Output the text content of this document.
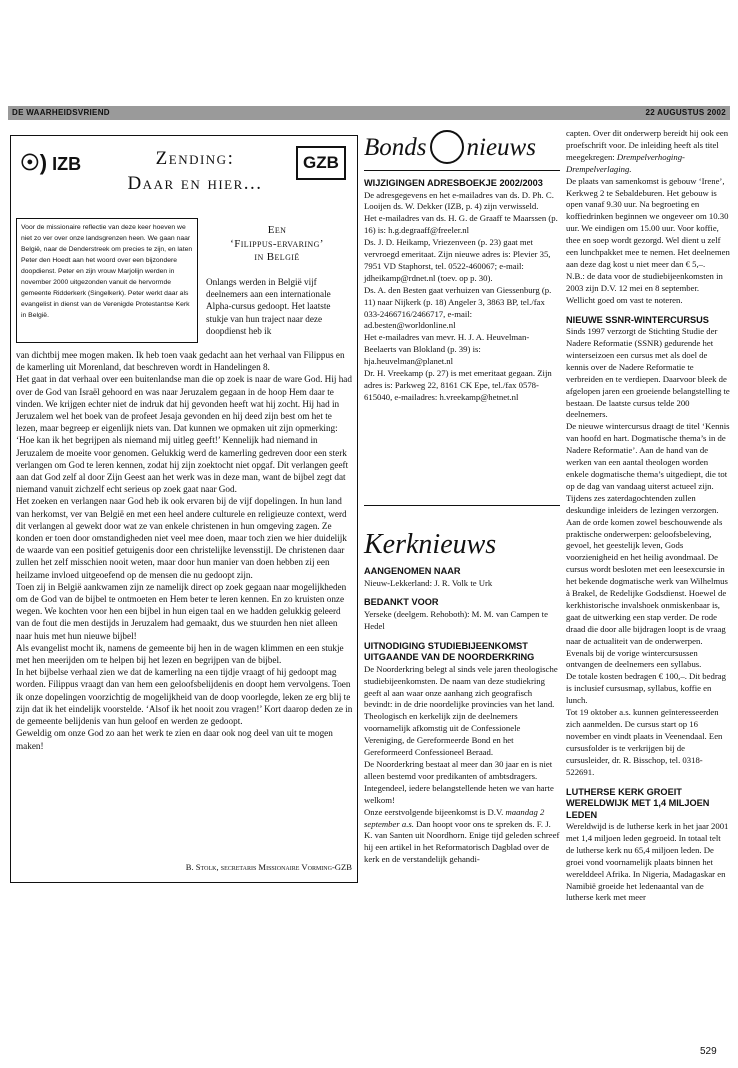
DE WAARHEIDSVRIEND	22 AUGUSTUS 2002
☉) IZB	Zending:
Daar en hier...
GZB
Voor de missionaire reflectie van deze keer hoeven we niet zo ver over onze landsgrenzen heen. We gaan naar België, naar de Denderstreek om precies te zijn, en laten Peter den Hoedt aan het woord over een bijzondere doopdienst. Peter en zijn vrouw Marjolijn werden in november 2000 uitgezonden vanuit de hervormde gemeente Ridderkerk (Singelkerk). Peter werkt daar als evangelist in dienst van de Verenigde Protestantse Kerk in België.
Een
‘Filippus-ervaring’
in België
Onlangs werden in België vijf deelnemers aan een internationale Alpha-cursus gedoopt. Het laatste stukje van hun traject naar deze doopdienst heb ik

van dichtbij mee mogen maken. Ik heb toen vaak gedacht aan het verhaal van Filippus en de kamerling uit Morenland, dat beschreven wordt in Handelingen 8.

Het gaat in dat verhaal over een buitenlandse man die op zoek is naar de ware God. Hij had over de God van Israël gehoord en was naar Jeruzalem gegaan in de hoop Hem daar te vinden. We krijgen echter niet de indruk dat hij gevonden heeft wat hij zocht. Hij had in Jeruzalem wel het boek van de profeet Jesaja gevonden en hij deed zijn best om het te lezen, maar begreep er eigenlijk niets van. Dat kunnen we opmaken uit zijn opmerking: ‘Hoe kan ik het begrijpen als niemand mij uitleg geeft!’ Kennelijk had niemand in Jeruzalem de moeite voor genomen. Gelukkig werd de kamerling gedreven door een sterk verlangen om God te leren kennen, zodat hij zijn zoektocht niet opgaf. Dit verlangen geeft aan dat God zelf al door Zijn Geest aan het werk was in deze man, want de bijbel zegt dat niemand vanuit zichzelf echt serieus op zoek gaat naar God.

Het zoeken en verlangen naar God heb ik ook ervaren bij de vijf dopelingen. In hun land van herkomst, ver van België en met een heel andere culturele en religieuze context, werd dit verlangen al gewekt door wat ze van enkele christenen in hun omgeving zagen. Ze konden er toen door omstandigheden niet veel mee doen, maar toch zien we hier duidelijk de waarde van een positief getuigenis door een christelijke levensstijl. De christenen daar zullen het zelf misschien nooit weten, maar door hun manier van doen hebben zij een heilzame invloed uitgeoefend op de mensen die nu gedoopt zijn.

Toen zij in België aankwamen zijn ze namelijk direct op zoek gegaan naar mogelijkheden om de God van de bijbel te ontmoeten en Hem beter te leren kennen. En zo kruisten onze wegen. We kochten voor hen een bijbel in hun eigen taal en we hadden gelukkig geleerd van de fout die men destijds in Jeruzalem had gemaakt, dus we stuurden hen niet alleen naar huis met hun nieuwe bijbel!

Als evangelist mocht ik, namens de gemeente bij hen in de wagen klimmen en een stukje met hen meerijden om te helpen bij het lezen en begrijpen van de bijbel.

In het bijbelse verhaal zien we dat de kamerling na een tijdje vraagt of hij gedoopt mag worden. Filippus vraagt dan van hem een geloofsbelijdenis en doopt hem vervolgens. Toen ik onze dopelingen voorzichtig de mogelijkheid van de doop voorlegde, leken ze erg blij te zijn dat ik het eindelijk voorstelde. ‘Alsof ik het nooit zou vragen!’ Kort daarop deden ze in de gemeente belijdenis van hun geloof en werden ze gedoopt.

Geweldig om onze God zo aan het werk te zien en daar ook nog deel van uit te mogen maken!

B. Stolk, secretaris Missionaire Vorming-GZB
Bonds nieuws

WIJZIGINGEN ADRESBOEKJE 2002/2003

De adresgegevens en het e-mailadres van ds. D. Ph. C. Looijen ds. W. Dekker (IZB, p. 4) zijn verwisseld.

Het e-mailadres van ds. H. G. de Graaff te Maarssen (p. 16) is: h.g.degraaff@freeler.nl

Ds. J. D. Heikamp, Vriezenveen (p. 23) gaat met vervroegd emeritaat. Zijn nieuwe adres is: Plevier 35, 7951 VD Staphorst, tel. 0522-460067; e-mail: jdheikamp@rdnet.nl (toev. op p. 30).

Ds. A. den Besten gaat verhuizen van Giessenburg (p. 11) naar Nijkerk (p. 18) Angeler 3, 3863 BP, tel./fax 033-2466716/2466717, e-mail: ad.besten@worldonline.nl

Het e-mailadres van mevr. H. J. A. Heuvelman-Beelaerts van Blokland (p. 39) is: hja.heuvelman@planet.nl

Dr. H. Vreekamp (p. 27) is met emeritaat gegaan. Zijn adres is: Parkweg 22, 8161 CK Epe, tel./fax 0578-615040, e-mailadres: h.vreekamp@hetnet.nl

Kerknieuws

AANGENOMEN NAAR

Nieuw-Lekkerland: J. R. Volk te Urk

BEDANKT VOOR

Yerseke (deelgem. Rehoboth): M. M. van Campen te Hedel

UITNODIGING STUDIEBIJEENKOMST UITGAANDE VAN DE NOORDERKRING

De Noorderkring belegt al sinds vele jaren theologische studiebijeenkomsten. De naam van deze studiekring geeft al aan waar onze aanhang zich geografisch bevindt: in de drie noordelijke provincies van het land.

Theologisch en kerkelijk zijn de deelnemers voornamelijk afkomstig uit de Confessionele Vereniging, de Gereformeerde Bond en het Gereformeerd Confessioneel Beraad.

De Noorderkring bestaat al meer dan 30 jaar en is niet alleen bestemd voor predikanten of ambtsdragers. Integendeel, iedere belangstellende heten we van harte welkom!

Onze eerstvolgende bijeenkomst is D.V. maandag 2 september a.s. Dan hoopt voor ons te spreken ds. F. J. K. van Santen uit Noordhorn. Enige tijd geleden schreef hij een artikel in het Reformatorisch Dagblad over de kerk en de verstandelijk gehandi-

capten. Over dit onderwerp bereidt hij ook een proefschrift voor. De inleiding heeft als titel meegekregen: Drempelverhoging-Drempelverlaging.

De plaats van samenkomst is gebouw ‘Irene’, Kerkweg 2 te Sebaldeburen. Het gebouw is open vanaf 9.30 uur. Na begroeting en koffiedrinken beginnen we ongeveer om 10.30 uur. We eindigen om 15.00 uur. Voor koffie, thee en soep wordt gezorgd. Wel dient u zelf een lunchpakket mee te nemen. Het deelnemen aan deze dag kost u niet meer dan € 5,–.

N.B.: de data voor de studiebijeenkomsten in 2003 zijn D.V. 12 mei en 8 september. Wellicht goed om vast te noteren.

NIEUWE SSNR-WINTERCURSUS

Sinds 1997 verzorgt de Stichting Studie der Nadere Reformatie (SSNR) gedurende het winterseizoen een cursus met als doel de kennis over de Nadere Reformatie te verbreiden en te verdiepen. Daarvoor bleek de afgelopen jaren een groeiende belangstelling te bestaan. De laatste cursus telde 200 deelnemers.

De nieuwe wintercursus draagt de titel ‘Kennis van hoofd en hart. Dogmatische thema’s in de Nadere Reformatie’. Aan de hand van de werken van een aantal theologen worden enkele dogmatische thema’s uitgediept, die tot op de dag van vandaag uiterst actueel zijn. Tijdens zes zaterdagochtenden zullen deskundige inleiders de lezingen verzorgen. Aan de orde komen zowel beschouwende als praktische onderwerpen: geloofsbeleving, gevoel, het geestelijk leven, Gods voorzienigheid en het heilig avondmaal. De cursus wordt besloten met een leesexcursie in het bekende dogmatische werk van Wilhelmus à Brakel, de Redelijke Godsdienst. Hoewel de kerkhistorische invalshoek onmiskenbaar is, gaat de uitwerking een stap verder. De rode draad die door alle bijdragen loopt is de vraag naar de actualiteit van de onderwerpen.

Evenals bij de vorige wintercursussen ontvangen de deelnemers een syllabus.

De totale kosten bedragen € 100,–. Dit bedrag is inclusief cursusmap, syllabus, koffie en lunch.

Tot 19 oktober a.s. kunnen geïnteresseerden zich aanmelden. De cursus start op 16 november en vindt plaats in Veenendaal. Een cursusfolder is te verkrijgen bij de cursusleider, dr. R. Bisschop, tel. 0318-522691.

LUTHERSE KERK GROEIT WERELDWIJK MET 1,4 MILJOEN LEDEN

Wereldwijd is de lutherse kerk in het jaar 2001 met 1,4 miljoen leden gegroeid. In totaal telt de lutherse kerk nu 65,4 miljoen leden. De groei vond voornamelijk plaats binnen het werelddeel Afrika. In Nigeria, Madagaskar en Namibië groeide het ledenaantal van de lutherse kerk met meer

529
